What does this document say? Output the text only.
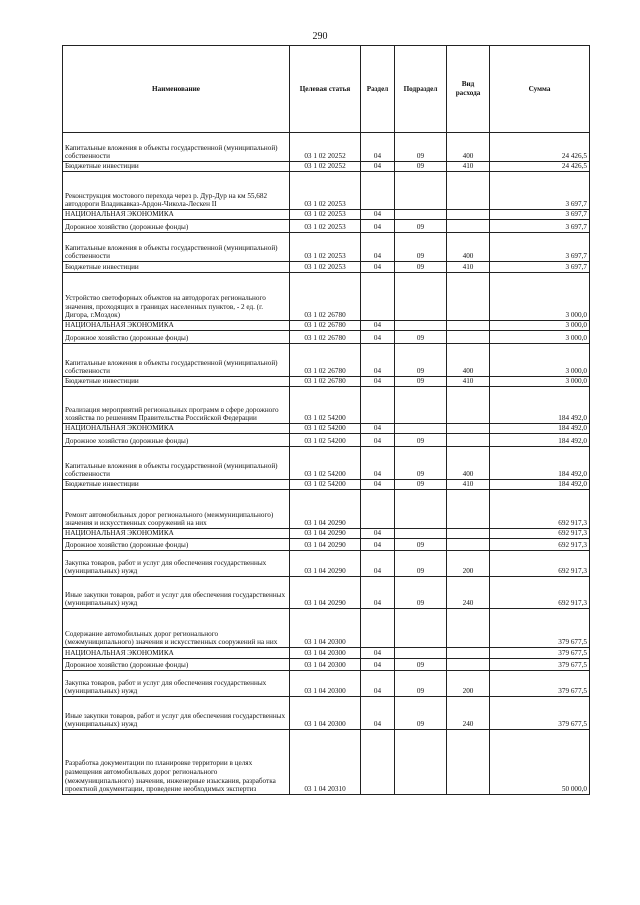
290
Наименование	Целевая статья	Раздел	Подраздел	Вид расхода	Сумма
Капитальные вложения в объекты государственной (муниципальной) собственности	03 1 02 20252	04	09	400	24 426,5
Бюджетные инвестиции	03 1 02 20252	04	09	410	24 426,5
Реконструкция мостового перехода через р. Дур-Дур на км 55,682 автодороги Владикавказ-Ардон-Чикола-Лескен II	03 1 02 20253				3 697,7
НАЦИОНАЛЬНАЯ ЭКОНОМИКА	03 1 02 20253	04			3 697,7
Дорожное хозяйство (дорожные фонды)	03 1 02 20253	04	09		3 697,7
Капитальные вложения в объекты государственной (муниципальной) собственности	03 1 02 20253	04	09	400	3 697,7
Бюджетные инвестиции	03 1 02 20253	04	09	410	3 697,7
Устройство светофорных объектов на автодорогах регионального значения, проходящих в границах населенных пунктов, - 2 ед. (г. Дигора, г.Моздок)	03 1 02 26780				3 000,0
НАЦИОНАЛЬНАЯ ЭКОНОМИКА	03 1 02 26780	04			3 000,0
Дорожное хозяйство (дорожные фонды)	03 1 02 26780	04	09		3 000,0
Капитальные вложения в объекты государственной (муниципальной) собственности	03 1 02 26780	04	09	400	3 000,0
Бюджетные инвестиции	03 1 02 26780	04	09	410	3 000,0
Реализация мероприятий региональных программ в сфере дорожного хозяйства по решениям Правительства Российской Федерации	03 1 02 54200				184 492,0
НАЦИОНАЛЬНАЯ ЭКОНОМИКА	03 1 02 54200	04			184 492,0
Дорожное хозяйство (дорожные фонды)	03 1 02 54200	04	09		184 492,0
Капитальные вложения в объекты государственной (муниципальной) собственности	03 1 02 54200	04	09	400	184 492,0
Бюджетные инвестиции	03 1 02 54200	04	09	410	184 492,0
Ремонт автомобильных дорог регионального (межмуниципального) значения и искусственных сооружений на них	03 1 04 20290				692 917,3
НАЦИОНАЛЬНАЯ ЭКОНОМИКА	03 1 04 20290	04			692 917,3
Дорожное хозяйство (дорожные фонды)	03 1 04 20290	04	09		692 917,3
Закупка товаров, работ и услуг для обеспечения государственных (муниципальных) нужд	03 1 04 20290	04	09	200	692 917,3
Иные закупки товаров, работ и услуг для обеспечения государственных (муниципальных) нужд	03 1 04 20290	04	09	240	692 917,3
Содержание автомобильных дорог регионального (межмуниципального) значения и искусственных сооружений на них	03 1 04 20300				379 677,5
НАЦИОНАЛЬНАЯ ЭКОНОМИКА	03 1 04 20300	04			379 677,5
Дорожное хозяйство (дорожные фонды)	03 1 04 20300	04	09		379 677,5
Закупка товаров, работ и услуг для обеспечения государственных (муниципальных) нужд	03 1 04 20300	04	09	200	379 677,5
Иные закупки товаров, работ и услуг для обеспечения государственных (муниципальных) нужд	03 1 04 20300	04	09	240	379 677,5
Разработка документации по планировке территории в целях размещения автомобильных дорог регионального (межмуниципального) значения, инженерные изыскания, разработка проектной документации, проведение необходимых экспертиз	03 1 04 20310				50 000,0
